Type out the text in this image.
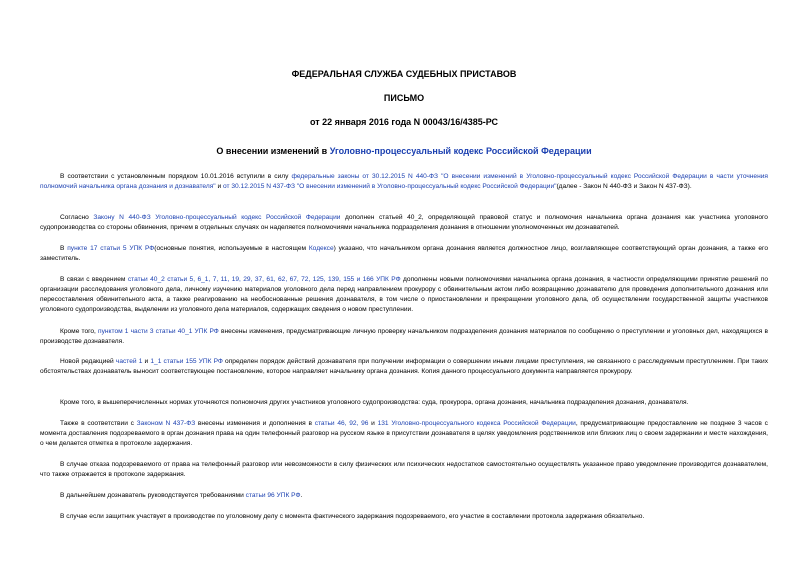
ФЕДЕРАЛЬНАЯ СЛУЖБА СУДЕБНЫХ ПРИСТАВОВ
ПИСЬМО
от 22 января 2016 года N 00043/16/4385-РС
О внесении изменений в Уголовно-процессуальный кодекс Российской Федерации
В соответствии с установленным порядком 10.01.2016 вступили в силу федеральные законы от 30.12.2015 N 440-ФЗ "О внесении изменений в Уголовно-процессуальный кодекс Российской Федерации в части уточнения полномочий начальника органа дознания и дознавателя" и от 30.12.2015 N 437-ФЗ "О внесении изменений в Уголовно-процессуальный кодекс Российской Федерации"(далее - Закон N 440-ФЗ и Закон N 437-ФЗ).
Согласно Закону N 440-ФЗ Уголовно-процессуальный кодекс Российской Федерации дополнен статьей 40_2, определяющей правовой статус и полномочия начальника органа дознания как участника уголовного судопроизводства со стороны обвинения, причем в отдельных случаях он наделяется полномочиями начальника подразделения дознания в отношении уполномоченных им дознавателей.
В пункте 17 статьи 5 УПК РФ(основные понятия, используемые в настоящем Кодексе) указано, что начальником органа дознания является должностное лицо, возглавляющее соответствующий орган дознания, а также его заместитель.
В связи с введением статьи 40_2 статьи 5, 6_1, 7, 11, 19, 29, 37, 61, 62, 67, 72, 125, 139, 155 и 166 УПК РФ дополнены новыми полномочиями начальника органа дознания, в частности определяющими принятие решений по организации расследования уголовного дела, личному изучению материалов уголовного дела перед направлением прокурору с обвинительным актом либо возвращению дознавателю для проведения дополнительного дознания или пересоставления обвинительного акта, а также реагированию на необоснованные решения дознавателя, в том числе о приостановлении и прекращении уголовного дела, об осуществлении государственной защиты участников уголовного судопроизводства, выделении из уголовного дела материалов, содержащих сведения о новом преступлении.
Кроме того, пунктом 1 части 3 статьи 40_1 УПК РФ внесены изменения, предусматривающие личную проверку начальником подразделения дознания материалов по сообщению о преступлении и уголовных дел, находящихся в производстве дознавателя.
Новой редакцией частей 1 и 1_1 статьи 155 УПК РФ определен порядок действий дознавателя при получении информации о совершении иными лицами преступления, не связанного с расследуемым преступлением. При таких обстоятельствах дознаватель выносит соответствующее постановление, которое направляет начальнику органа дознания. Копия данного процессуального документа направляется прокурору.
Кроме того, в вышеперечисленных нормах уточняются полномочия других участников уголовного судопроизводства: суда, прокурора, органа дознания, начальника подразделения дознания, дознавателя.
Также в соответствии с Законом N 437-ФЗ внесены изменения и дополнения в статьи 46, 92, 96 и 131 Уголовно-процессуального кодекса Российской Федерации, предусматривающие предоставление не позднее 3 часов с момента доставления подозреваемого в орган дознания права на один телефонный разговор на русском языке в присутствии дознавателя в целях уведомления родственников или близких лиц о своем задержании и месте нахождения, о чем делается отметка в протоколе задержания.
В случае отказа подозреваемого от права на телефонный разговор или невозможности в силу физических или психических недостатков самостоятельно осуществлять указанное право уведомление производится дознавателем, что также отражается в протоколе задержания.
В дальнейшем дознаватель руководствуется требованиями статьи 96 УПК РФ.
В случае если защитник участвует в производстве по уголовному делу с момента фактического задержания подозреваемого, его участие в составлении протокола задержания обязательно.
